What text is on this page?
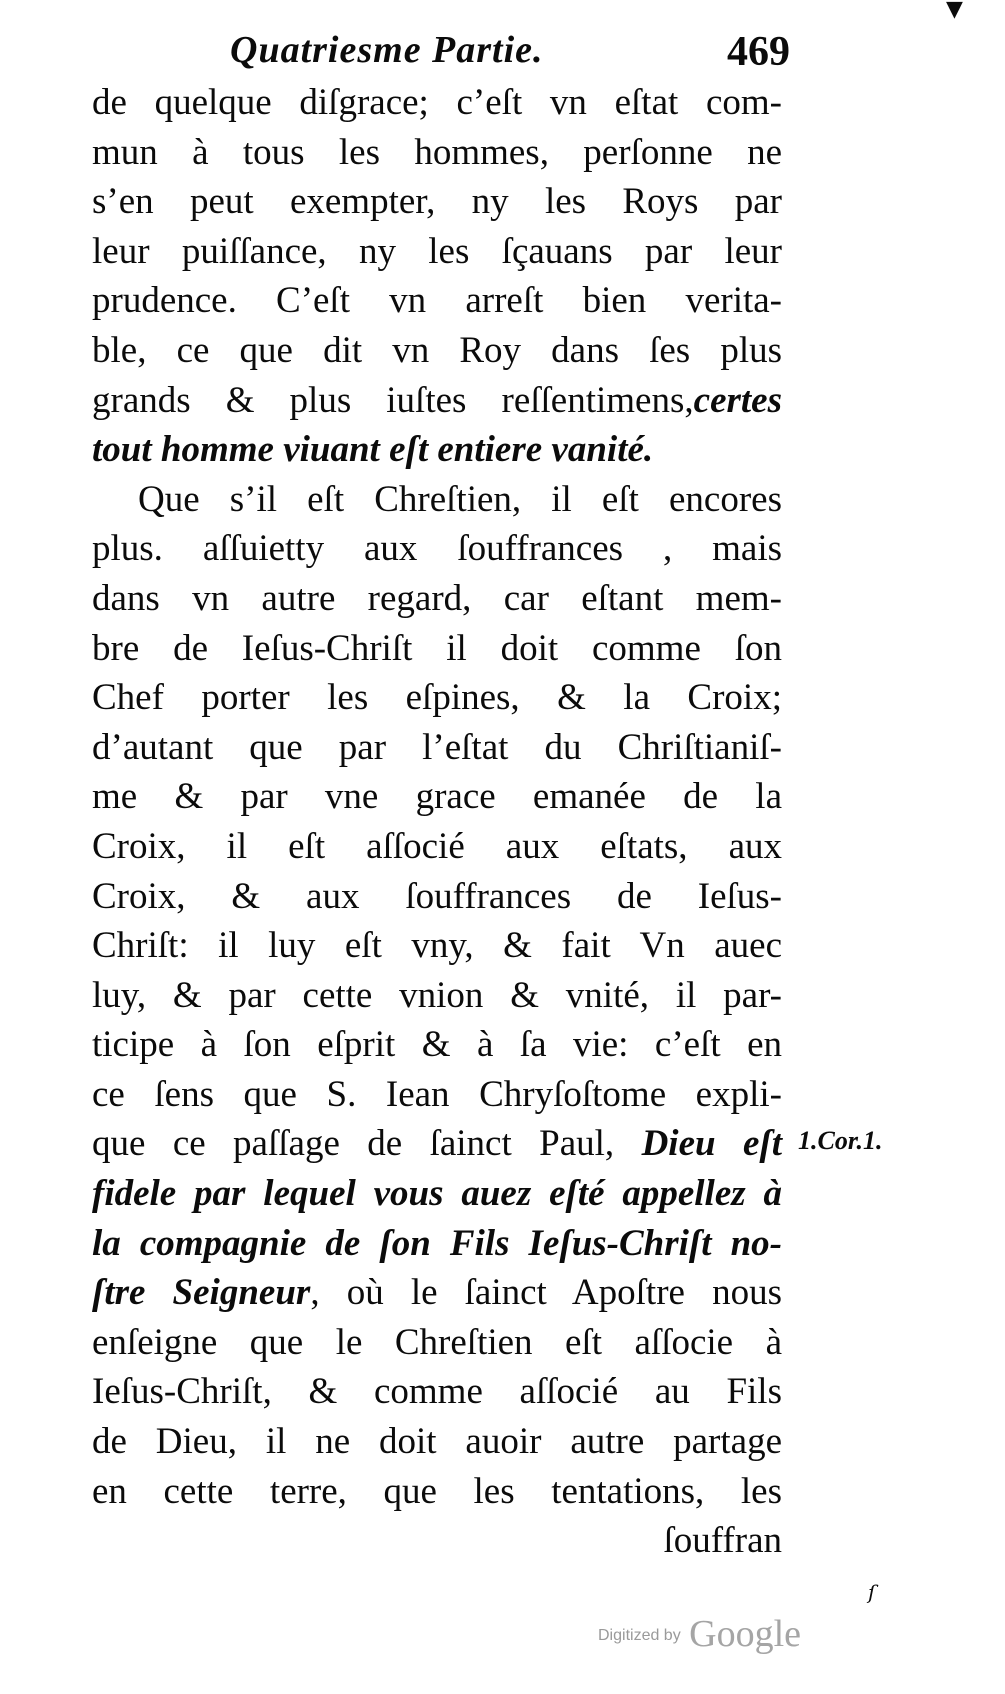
▼
Quatriesme Partie.	469
de quelque diſgrace; c’eſt vn eſtat com-
mun à tous les hommes, perſonne ne
s’en peut exempter, ny les Roys par
leur puiſſance, ny les ſçauans par leur
prudence. C’eſt vn arreſt bien verita-
ble, ce que dit vn Roy dans ſes plus
grands & plus iuſtes reſſentimens,certes
tout homme viuant eſt entiere vanité.
Que s’il eſt Chreſtien, il eſt encores
plus. aſſuietty aux ſouffrances , mais
dans vn autre regard, car eſtant mem-
bre de Ieſus-Chriſt il doit comme ſon
Chef porter les eſpines, & la Croix;
d’autant que par l’eſtat du Chriſtianiſ-
me & par vne grace emanée de la
Croix, il eſt aſſocié aux eſtats, aux
Croix, & aux ſouffrances de Ieſus-
Chriſt: il luy eſt vny, & fait Vn auec
luy, & par cette vnion & vnité, il par-
ticipe à ſon eſprit & à ſa vie: c’eſt en
ce ſens que S. Iean Chryſoſtome expli-
que ce paſſage de ſainct Paul, Dieu eſt
fidele par lequel vous auez eſté appellez à
la compagnie de ſon Fils Ieſus-Chriſt no-
ſtre Seigneur, où le ſainct Apoſtre nous
enſeigne que le Chreſtien eſt aſſocie à
Ieſus-Chriſt, & comme aſſocié au Fils
de Dieu, il ne doit auoir autre partage
en cette terre, que les tentations, les
ſouffran
1.Cor.1.
ſ
Digitized by Google
